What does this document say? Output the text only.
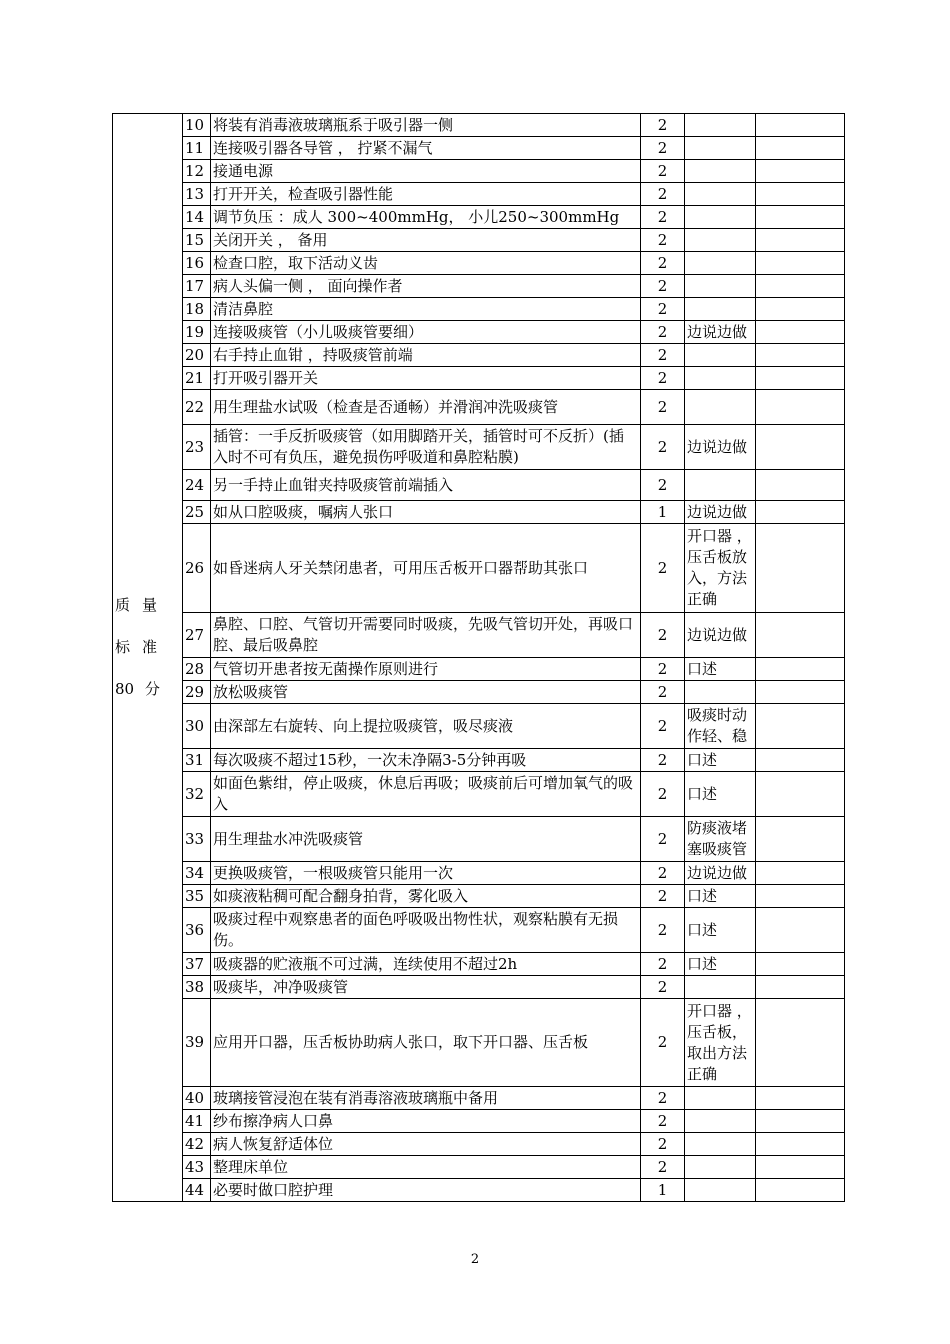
质量
标准
80 分	10	将装有消毒液玻璃瓶系于吸引器一侧	2		
	11	连接吸引器各导管 ， 拧紧不漏气	2		
	12	接通电源	2		
	13	打开开关，检查吸引器性能	2		
	14	调节负压 ：成人 300~400mmHg， 小儿250~300mmHg	2		
	15	关闭开关 ， 备用	2		
	16	检查口腔，取下活动义齿	2		
	17	病人头偏一侧 ， 面向操作者	2		
	18	清洁鼻腔	2		
	19	连接吸痰管（小儿吸痰管要细）	2	边说边做	
	20	右手持止血钳 ，持吸痰管前端	2		
	21	打开吸引器开关	2		
	22	用生理盐水试吸（检查是否通畅）并滑润冲洗吸痰管	2		
	23	插管：一手反折吸痰管（如用脚踏开关，插管时可不反折）(插入时不可有负压，避免损伤呼吸道和鼻腔粘膜)	2	边说边做	
	24	另一手持止血钳夹持吸痰管前端插入	2		
	25	如从口腔吸痰，嘱病人张口	1	边说边做	
	26	如昏迷病人牙关禁闭患者，可用压舌板开口器帮助其张口	2	开口器 ，压舌板放入，方法正确	
	27	鼻腔、口腔、气管切开需要同时吸痰，先吸气管切开处，再吸口腔、最后吸鼻腔	2	边说边做	
	28	气管切开患者按无菌操作原则进行	2	口述	
	29	放松吸痰管	2		
	30	由深部左右旋转、向上提拉吸痰管，吸尽痰液	2	吸痰时动作轻、稳	
	31	每次吸痰不超过15秒，一次未净隔3-5分钟再吸	2	口述	
	32	如面色紫绀，停止吸痰，休息后再吸；吸痰前后可增加氧气的吸入	2	口述	
	33	用生理盐水冲洗吸痰管	2	防痰液堵塞吸痰管	
	34	更换吸痰管，一根吸痰管只能用一次	2	边说边做	
	35	如痰液粘稠可配合翻身拍背，雾化吸入	2	口述	
	36	吸痰过程中观察患者的面色呼吸吸出物性状，观察粘膜有无损伤。	2	口述	
	37	吸痰器的贮液瓶不可过满，连续使用不超过2h	2	口述	
	38	吸痰毕，冲净吸痰管	2		
	39	应用开口器，压舌板协助病人张口，取下开口器、压舌板	2	开口器 ，压舌板，取出方法正确	
	40	玻璃接管浸泡在装有消毒溶液玻璃瓶中备用	2		
	41	纱布擦净病人口鼻	2		
	42	病人恢复舒适体位	2		
	43	整理床单位	2		
	44	必要时做口腔护理	1		
2
